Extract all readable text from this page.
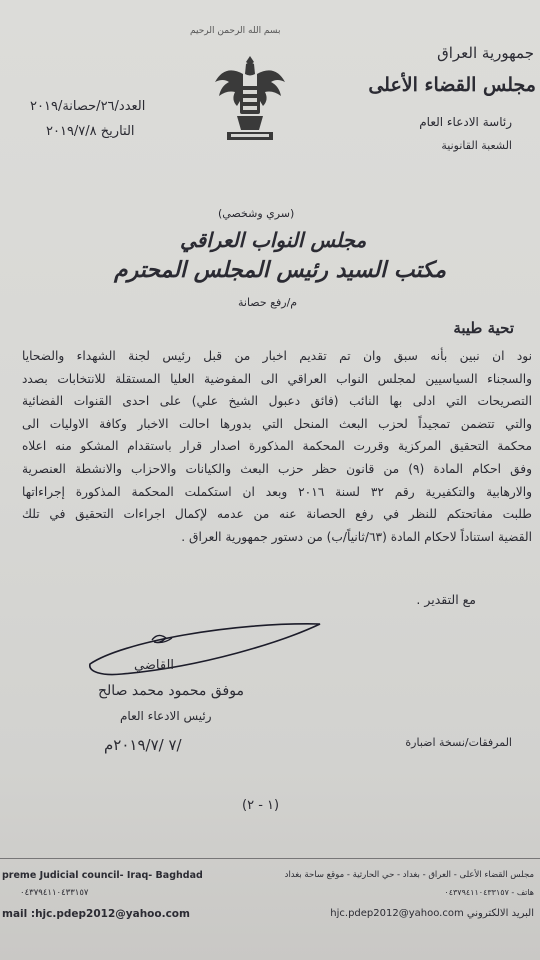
بسم الله الرحمن الرحيم
جمهورية العراق
مجلس القضاء الأعلى
رئاسة الادعاء العام
الشعبة القانونية
العدد/٢٦/حصانة/٢٠١٩
التاريخ ٢٠١٩/٧/٨
(سري وشخصي)
مجلس النواب العراقي
مكتب السيد رئيس المجلس المحترم
م/رفع حصانة
تحية طيبة
نود ان نبين بأنه سبق وان تم تقديم اخبار من قبل رئيس لجنة الشهداء والضحايا
والسجناء السياسيين لمجلس النواب العراقي الى المفوضية العليا المستقلة للانتخابات بصدد
التصريحات التي ادلى بها النائب (فائق دعبول الشيخ علي) على احدى القنوات الفضائية
والتي تتضمن تمجيداً لحزب البعث المنحل التي بدورها احالت الاخبار وكافة الاوليات الى
محكمة التحقيق المركزية وقررت المحكمة المذكورة اصدار قرار باستقدام المشكو منه اعلاه
وفق احكام المادة (٩) من قانون حظر حزب البعث والكيانات والاحزاب والانشطة العنصرية
والارهابية والتكفيرية رقم ٣٢ لسنة ٢٠١٦ وبعد ان استكملت المحكمة المذكورة إجراءاتها
طلبت مفاتحتكم للنظر في رفع الحصانة عنه من عدمه لإكمال اجراءات التحقيق في تلك
القضية استناداً لاحكام المادة (٦٣/ثانياً/ب) من دستور جمهورية العراق .
مع التقدير .
القاضي
موفق محمود محمد صالح
رئيس الادعاء العام
/٧ /٢٠١٩/٧م	المرفقات/نسخة اضبارة
(١ - ٢)
preme Judicial council- Iraq- Baghdad
٠٤٣٧٩٤١١٠٤٣٣١٥٧
mail :hjc.pdep2012@yahoo.com
مجلس القضاء الأعلى - العراق - بغداد - حي الحارثية - موقع ساحة بغداد
هاتف - ٠٤٣٧٩٤١١٠٤٣٣١٥٧
البريد الالكتروني hjc.pdep2012@yahoo.com
